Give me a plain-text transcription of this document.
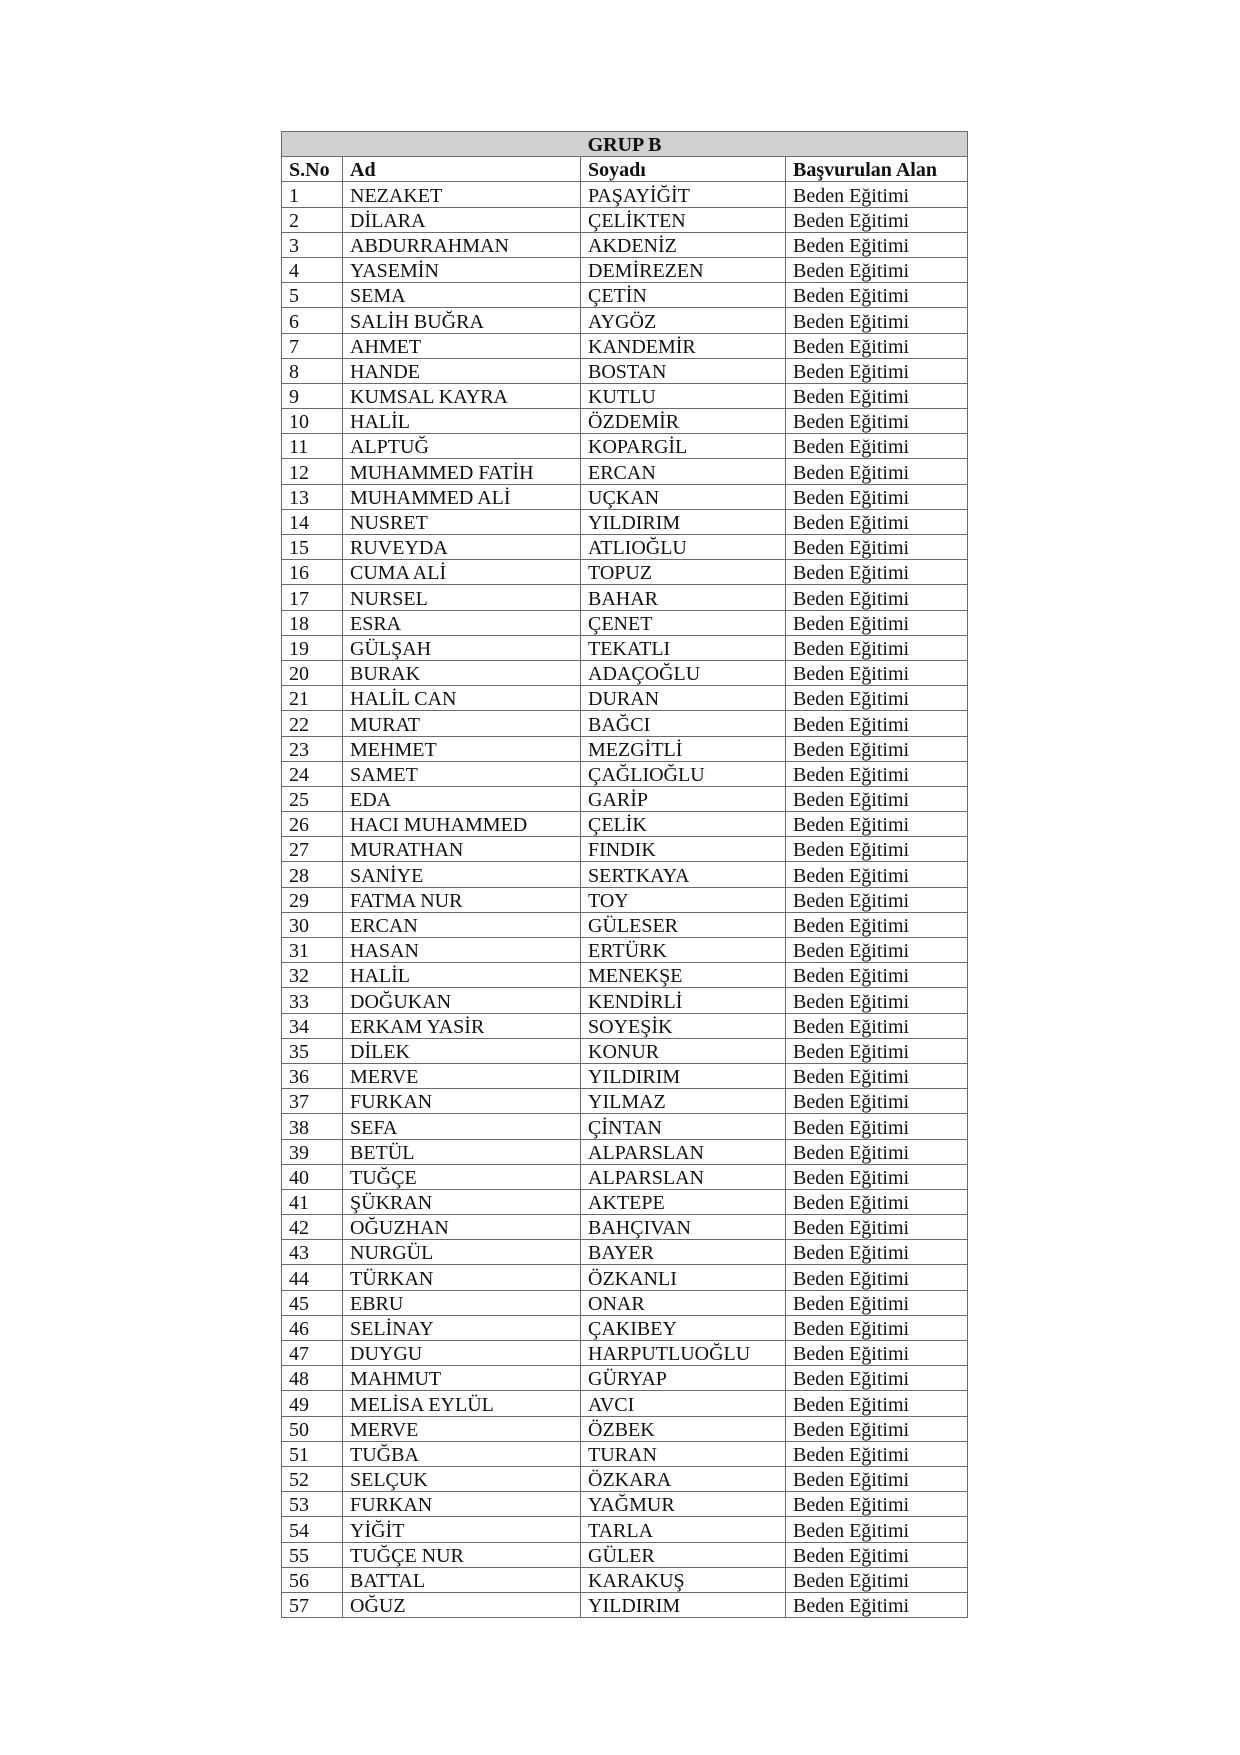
GRUP B			
S.No	Ad	Soyadı	Başvurulan Alan
1	NEZAKET	PAŞAYİĞİT	Beden Eğitimi
2	DİLARA	ÇELİKTEN	Beden Eğitimi
3	ABDURRAHMAN	AKDENİZ	Beden Eğitimi
4	YASEMİN	DEMİREZEN	Beden Eğitimi
5	SEMA	ÇETİN	Beden Eğitimi
6	SALİH BUĞRA	AYGÖZ	Beden Eğitimi
7	AHMET	KANDEMİR	Beden Eğitimi
8	HANDE	BOSTAN	Beden Eğitimi
9	KUMSAL KAYRA	KUTLU	Beden Eğitimi
10	HALİL	ÖZDEMİR	Beden Eğitimi
11	ALPTUĞ	KOPARGİL	Beden Eğitimi
12	MUHAMMED FATİH	ERCAN	Beden Eğitimi
13	MUHAMMED ALİ	UÇKAN	Beden Eğitimi
14	NUSRET	YILDIRIM	Beden Eğitimi
15	RUVEYDA	ATLIOĞLU	Beden Eğitimi
16	CUMA ALİ	TOPUZ	Beden Eğitimi
17	NURSEL	BAHAR	Beden Eğitimi
18	ESRA	ÇENET	Beden Eğitimi
19	GÜLŞAH	TEKATLI	Beden Eğitimi
20	BURAK	ADAÇOĞLU	Beden Eğitimi
21	HALİL CAN	DURAN	Beden Eğitimi
22	MURAT	BAĞCI	Beden Eğitimi
23	MEHMET	MEZGİTLİ	Beden Eğitimi
24	SAMET	ÇAĞLIOĞLU	Beden Eğitimi
25	EDA	GARİP	Beden Eğitimi
26	HACI MUHAMMED	ÇELİK	Beden Eğitimi
27	MURATHAN	FINDIK	Beden Eğitimi
28	SANİYE	SERTKAYA	Beden Eğitimi
29	FATMA NUR	TOY	Beden Eğitimi
30	ERCAN	GÜLESER	Beden Eğitimi
31	HASAN	ERTÜRK	Beden Eğitimi
32	HALİL	MENEKŞE	Beden Eğitimi
33	DOĞUKAN	KENDİRLİ	Beden Eğitimi
34	ERKAM YASİR	SOYEŞİK	Beden Eğitimi
35	DİLEK	KONUR	Beden Eğitimi
36	MERVE	YILDIRIM	Beden Eğitimi
37	FURKAN	YILMAZ	Beden Eğitimi
38	SEFA	ÇİNTAN	Beden Eğitimi
39	BETÜL	ALPARSLAN	Beden Eğitimi
40	TUĞÇE	ALPARSLAN	Beden Eğitimi
41	ŞÜKRAN	AKTEPE	Beden Eğitimi
42	OĞUZHAN	BAHÇIVAN	Beden Eğitimi
43	NURGÜL	BAYER	Beden Eğitimi
44	TÜRKAN	ÖZKANLI	Beden Eğitimi
45	EBRU	ONAR	Beden Eğitimi
46	SELİNAY	ÇAKIBEY	Beden Eğitimi
47	DUYGU	HARPUTLUOĞLU	Beden Eğitimi
48	MAHMUT	GÜRYAP	Beden Eğitimi
49	MELİSA EYLÜL	AVCI	Beden Eğitimi
50	MERVE	ÖZBEK	Beden Eğitimi
51	TUĞBA	TURAN	Beden Eğitimi
52	SELÇUK	ÖZKARA	Beden Eğitimi
53	FURKAN	YAĞMUR	Beden Eğitimi
54	YİĞİT	TARLA	Beden Eğitimi
55	TUĞÇE NUR	GÜLER	Beden Eğitimi
56	BATTAL	KARAKUŞ	Beden Eğitimi
57	OĞUZ	YILDIRIM	Beden Eğitimi
